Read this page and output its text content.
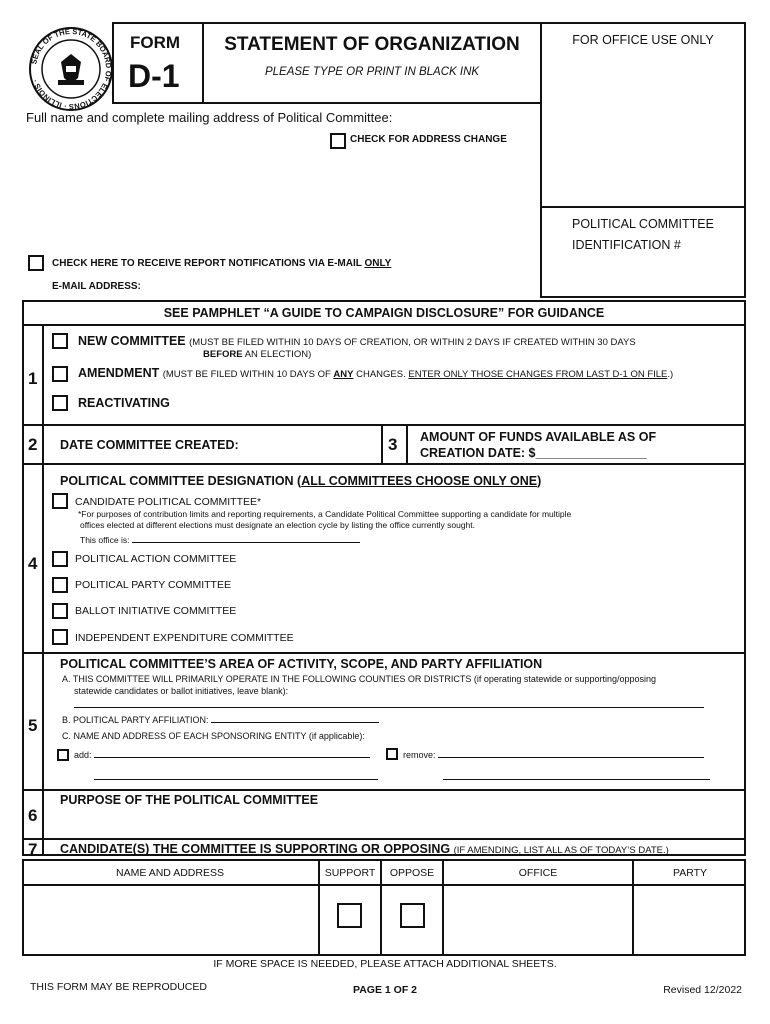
SEAL OF THE STATE BOARD OF ELECTIONS · ILLINOIS ·
FORM
D-1
STATEMENT OF ORGANIZATION
PLEASE TYPE OR PRINT IN BLACK INK
FOR OFFICE USE ONLY
POLITICAL COMMITTEE
IDENTIFICATION #
Full name and complete mailing address of Political Committee:
CHECK FOR ADDRESS CHANGE
CHECK HERE TO RECEIVE REPORT NOTIFICATIONS VIA E-MAIL ONLY
E-MAIL ADDRESS:
SEE PAMPHLET “A GUIDE TO CAMPAIGN DISCLOSURE” FOR GUIDANCE
1
NEW COMMITTEE (MUST BE FILED WITHIN 10 DAYS OF CREATION, OR WITHIN 2 DAYS IF CREATED WITHIN 30 DAYS
BEFORE AN ELECTION)
AMENDMENT (MUST BE FILED WITHIN 10 DAYS OF ANY CHANGES. ENTER ONLY THOSE CHANGES FROM LAST D-1 ON FILE.)
REACTIVATING
2 DATE COMMITTEE CREATED:	3 AMOUNT OF FUNDS AVAILABLE AS OF
CREATION DATE: $________________
4
POLITICAL COMMITTEE DESIGNATION (ALL COMMITTEES CHOOSE ONLY ONE)
CANDIDATE POLITICAL COMMITTEE*
*For purposes of contribution limits and reporting requirements, a Candidate Political Committee supporting a candidate for multiple
offices elected at different elections must designate an election cycle by listing the office currently sought.
This office is:
POLITICAL ACTION COMMITTEE
POLITICAL PARTY COMMITTEE
BALLOT INITIATIVE COMMITTEE
INDEPENDENT EXPENDITURE COMMITTEE
5
POLITICAL COMMITTEE’S AREA OF ACTIVITY, SCOPE, AND PARTY AFFILIATION
A. THIS COMMITTEE WILL PRIMARILY OPERATE IN THE FOLLOWING COUNTIES OR DISTRICTS (if operating statewide or supporting/opposing
statewide candidates or ballot initiatives, leave blank):
B. POLITICAL PARTY AFFILIATION:
C. NAME AND ADDRESS OF EACH SPONSORING ENTITY (if applicable):
add:	remove:
6
PURPOSE OF THE POLITICAL COMMITTEE
7 CANDIDATE(S) THE COMMITTEE IS SUPPORTING OR OPPOSING (IF AMENDING, LIST ALL AS OF TODAY’S DATE.)
NAME AND ADDRESS	SUPPORT	OPPOSE	OFFICE	PARTY
IF MORE SPACE IS NEEDED, PLEASE ATTACH ADDITIONAL SHEETS.
THIS FORM MAY BE REPRODUCED	PAGE 1 OF 2	Revised 12/2022
